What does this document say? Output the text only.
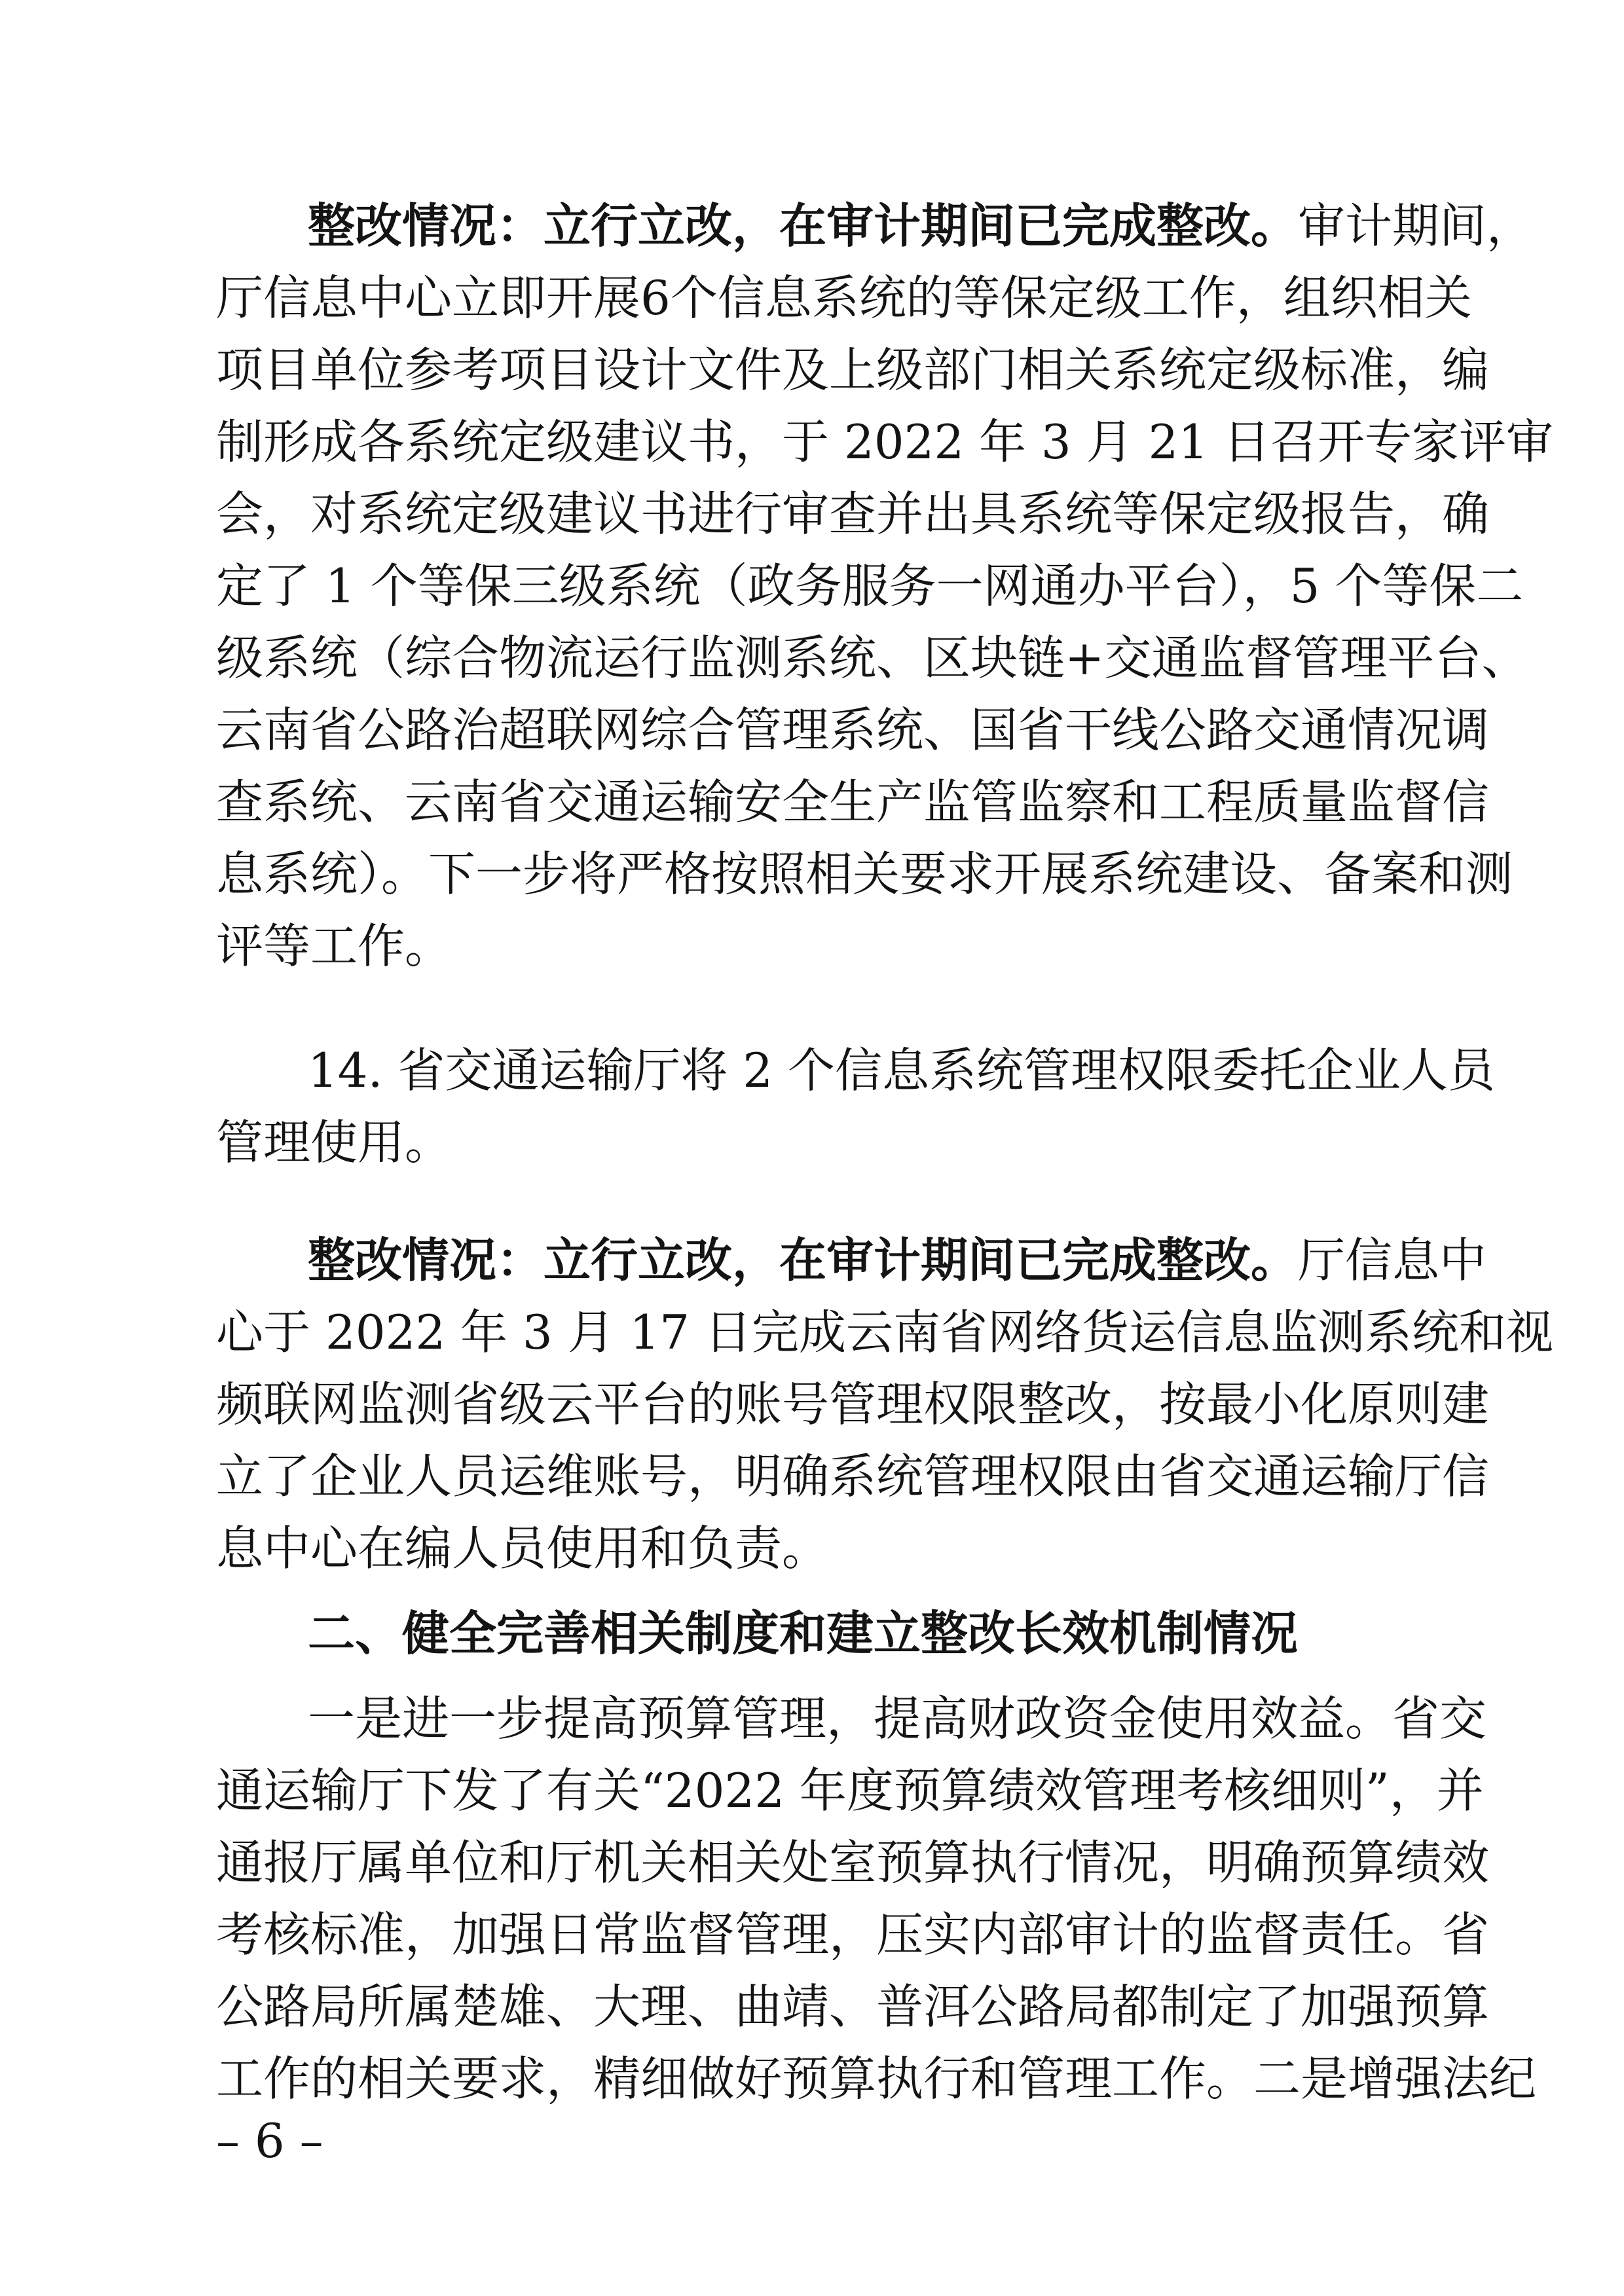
整改情况：立行立改，在审计期间已完成整改。审计期间，
厅信息中心立即开展6个信息系统的等保定级工作，组织相关
项目单位参考项目设计文件及上级部门相关系统定级标准，编
制形成各系统定级建议书，于 2022 年 3 月 21 日召开专家评审
会，对系统定级建议书进行审查并出具系统等保定级报告，确
定了 1 个等保三级系统（政务服务一网通办平台），5 个等保二
级系统（综合物流运行监测系统、区块链+交通监督管理平台、
云南省公路治超联网综合管理系统、国省干线公路交通情况调
查系统、云南省交通运输安全生产监管监察和工程质量监督信
息系统）。下一步将严格按照相关要求开展系统建设、备案和测
评等工作。
14. 省交通运输厅将 2 个信息系统管理权限委托企业人员
管理使用。
整改情况：立行立改，在审计期间已完成整改。厅信息中
心于 2022 年 3 月 17 日完成云南省网络货运信息监测系统和视
频联网监测省级云平台的账号管理权限整改，按最小化原则建
立了企业人员运维账号，明确系统管理权限由省交通运输厅信
息中心在编人员使用和负责。
二、健全完善相关制度和建立整改长效机制情况
一是进一步提高预算管理，提高财政资金使用效益。省交
通运输厅下发了有关“2022 年度预算绩效管理考核细则”，并
通报厅属单位和厅机关相关处室预算执行情况，明确预算绩效
考核标准，加强日常监督管理，压实内部审计的监督责任。省
公路局所属楚雄、大理、曲靖、普洱公路局都制定了加强预算
工作的相关要求，精细做好预算执行和管理工作。二是增强法纪
– 6 –
